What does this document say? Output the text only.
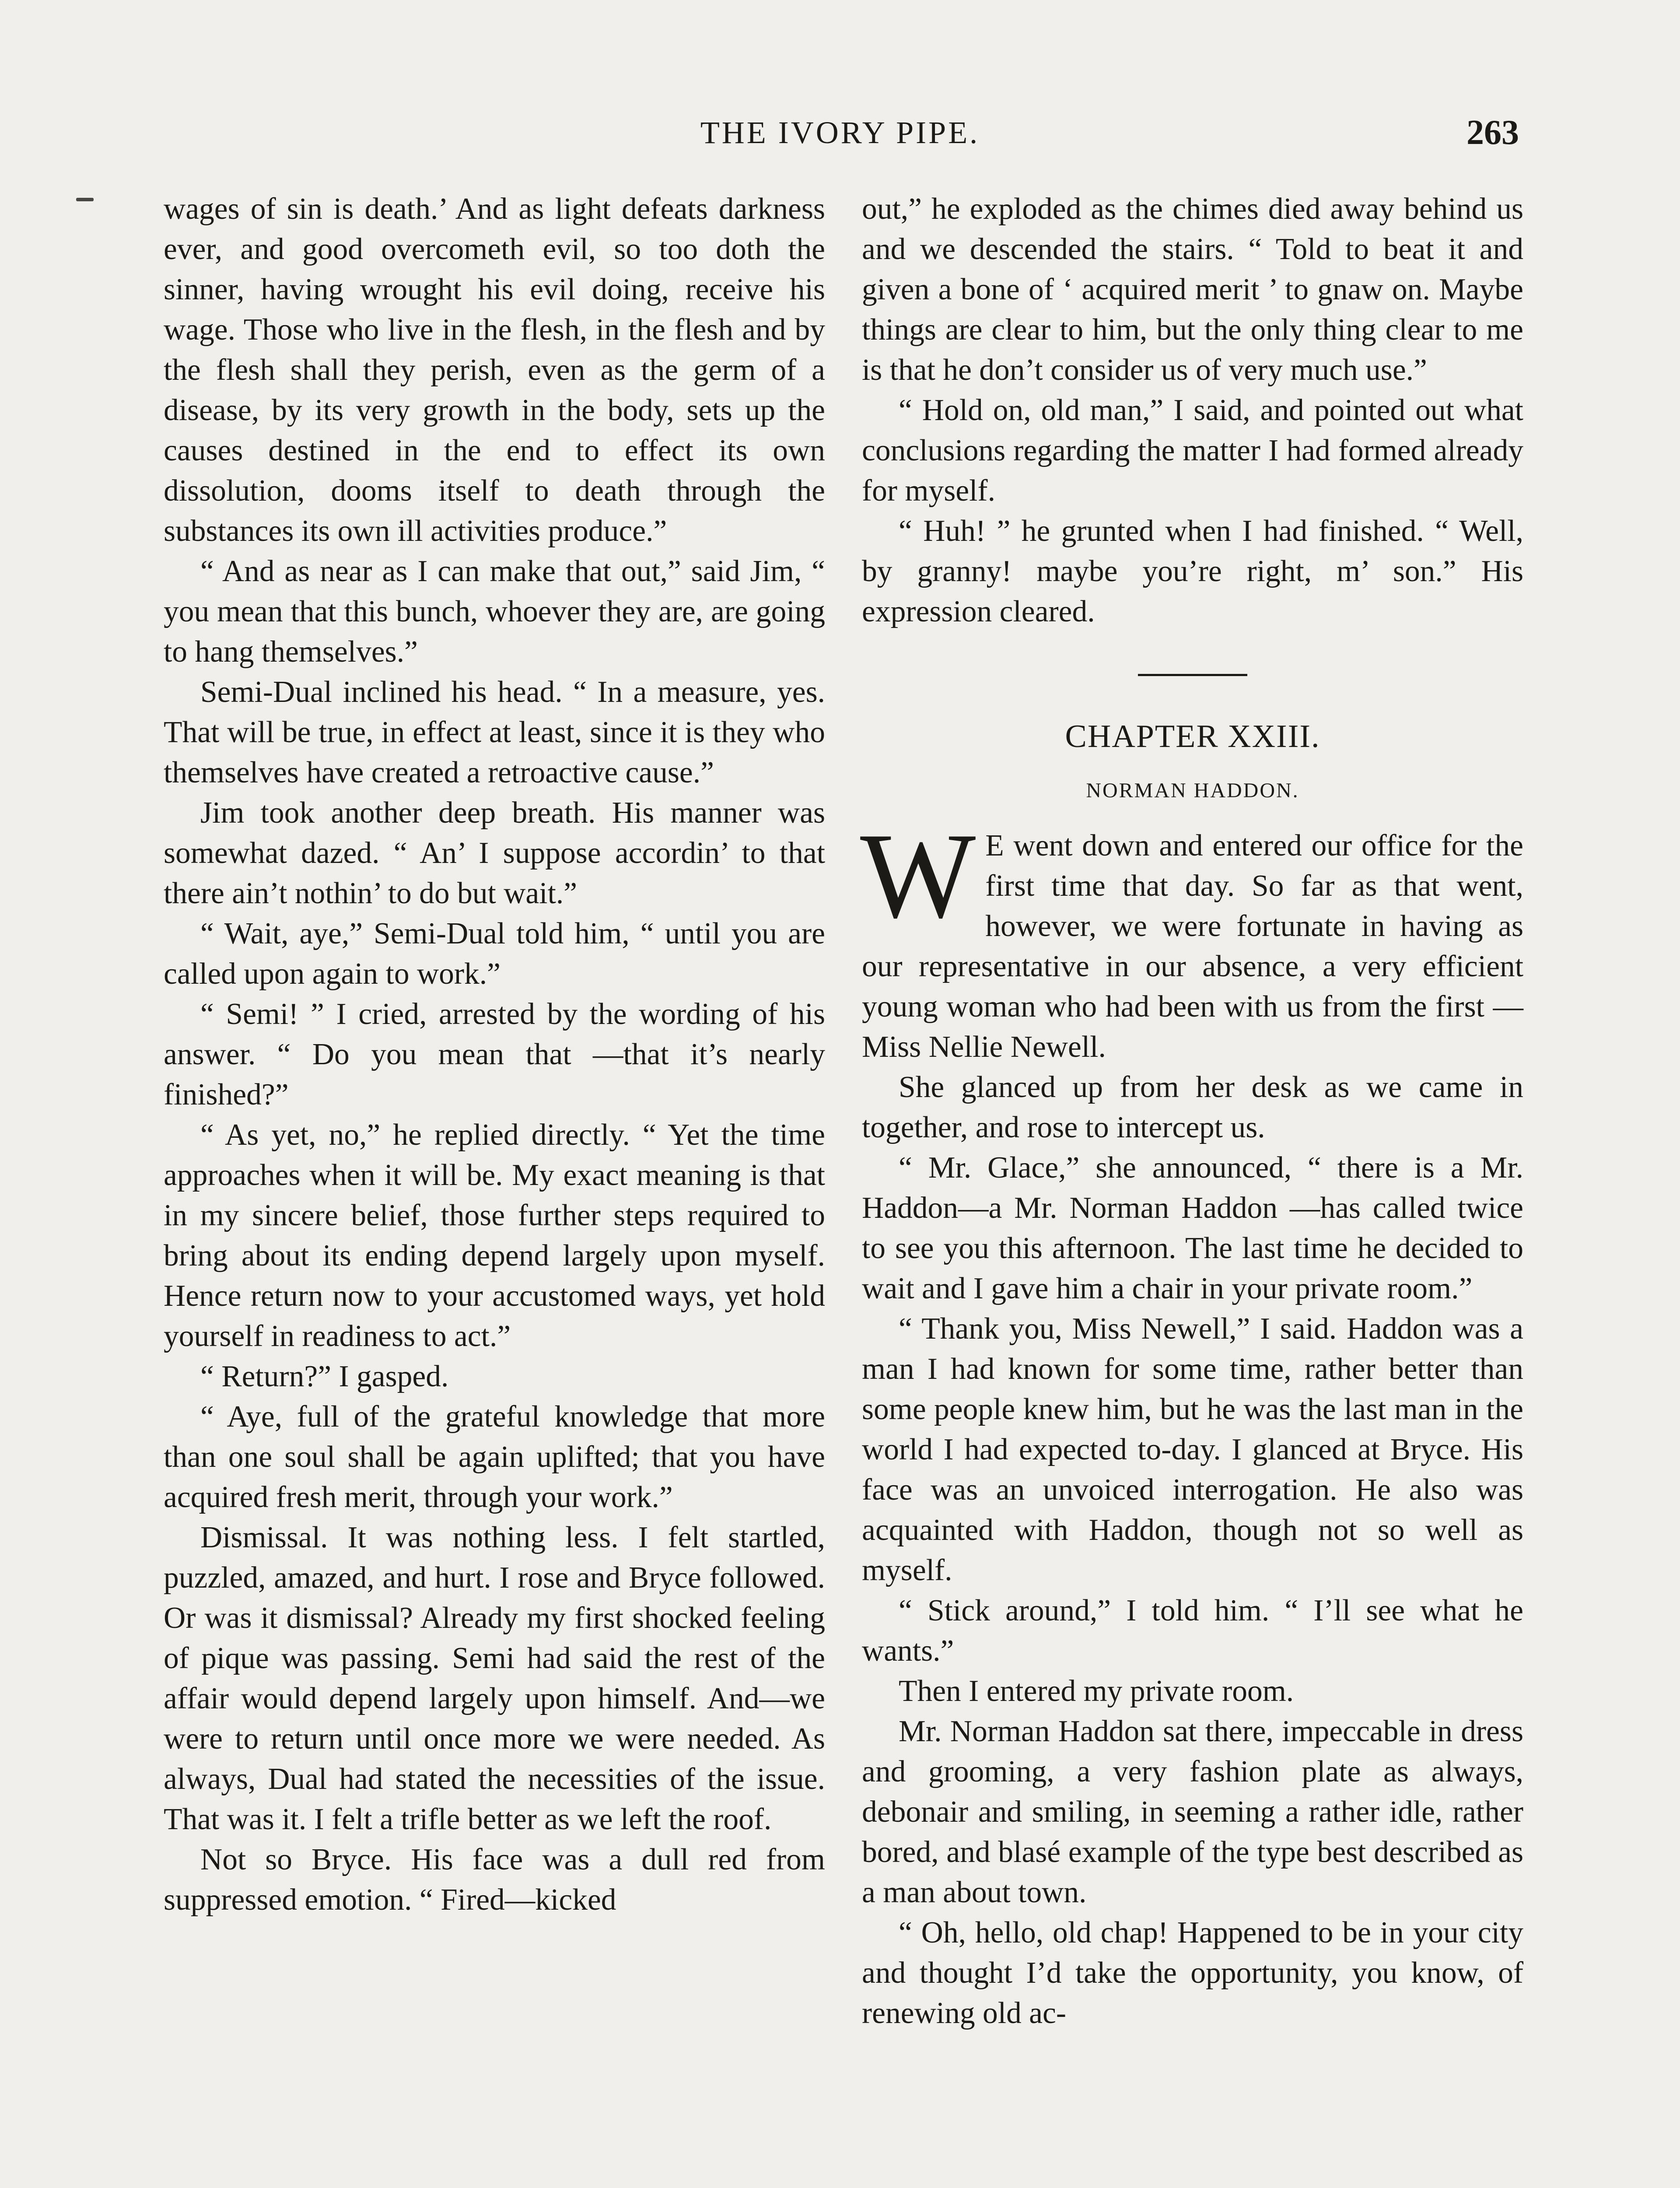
THE IVORY PIPE.	263

wages of sin is death.’ And as light defeats darkness ever, and good overcometh evil, so too doth the sinner, having wrought his evil doing, receive his wage. Those who live in the flesh, in the flesh and by the flesh shall they perish, even as the germ of a disease, by its very growth in the body, sets up the causes destined in the end to effect its own dissolution, dooms itself to death through the substances its own ill activities produce.”

“ And as near as I can make that out,” said Jim, “ you mean that this bunch, whoever they are, are going to hang themselves.”

Semi-Dual inclined his head. “ In a measure, yes. That will be true, in effect at least, since it is they who themselves have created a retroactive cause.”

Jim took another deep breath. His manner was somewhat dazed. “ An’ I suppose accordin’ to that there ain’t nothin’ to do but wait.”

“ Wait, aye,” Semi-Dual told him, “ until you are called upon again to work.”

“ Semi! ” I cried, arrested by the wording of his answer. “ Do you mean that —that it’s nearly finished?”

“ As yet, no,” he replied directly. “ Yet the time approaches when it will be. My exact meaning is that in my sincere belief, those further steps required to bring about its ending depend largely upon myself. Hence return now to your accustomed ways, yet hold yourself in readiness to act.”

“ Return?” I gasped.

“ Aye, full of the grateful knowledge that more than one soul shall be again uplifted; that you have acquired fresh merit, through your work.”

Dismissal. It was nothing less. I felt startled, puzzled, amazed, and hurt. I rose and Bryce followed. Or was it dismissal? Already my first shocked feeling of pique was passing. Semi had said the rest of the affair would depend largely upon himself. And—we were to return until once more we were needed. As always, Dual had stated the necessities of the issue. That was it. I felt a trifle better as we left the roof.

Not so Bryce. His face was a dull red from suppressed emotion. “ Fired—kicked

out,” he exploded as the chimes died away behind us and we descended the stairs. “ Told to beat it and given a bone of ‘ acquired merit ’ to gnaw on. Maybe things are clear to him, but the only thing clear to me is that he don’t consider us of very much use.”

“ Hold on, old man,” I said, and pointed out what conclusions regarding the matter I had formed already for myself.

“ Huh! ” he grunted when I had finished. “ Well, by granny! maybe you’re right, m’ son.” His expression cleared.

CHAPTER XXIII.
NORMAN HADDON.

W E went down and entered our office for the first time that day. So far as that went, however, we were fortunate in having as our representative in our absence, a very efficient young woman who had been with us from the first —Miss Nellie Newell.

She glanced up from her desk as we came in together, and rose to intercept us.

“ Mr. Glace,” she announced, “ there is a Mr. Haddon—a Mr. Norman Haddon —has called twice to see you this afternoon. The last time he decided to wait and I gave him a chair in your private room.”

“ Thank you, Miss Newell,” I said. Haddon was a man I had known for some time, rather better than some people knew him, but he was the last man in the world I had expected to-day. I glanced at Bryce. His face was an unvoiced interrogation. He also was acquainted with Haddon, though not so well as myself.

“ Stick around,” I told him. “ I’ll see what he wants.”

Then I entered my private room.

Mr. Norman Haddon sat there, impeccable in dress and grooming, a very fashion plate as always, debonair and smiling, in seeming a rather idle, rather bored, and blasé example of the type best described as a man about town.

“ Oh, hello, old chap! Happened to be in your city and thought I’d take the opportunity, you know, of renewing old ac-
